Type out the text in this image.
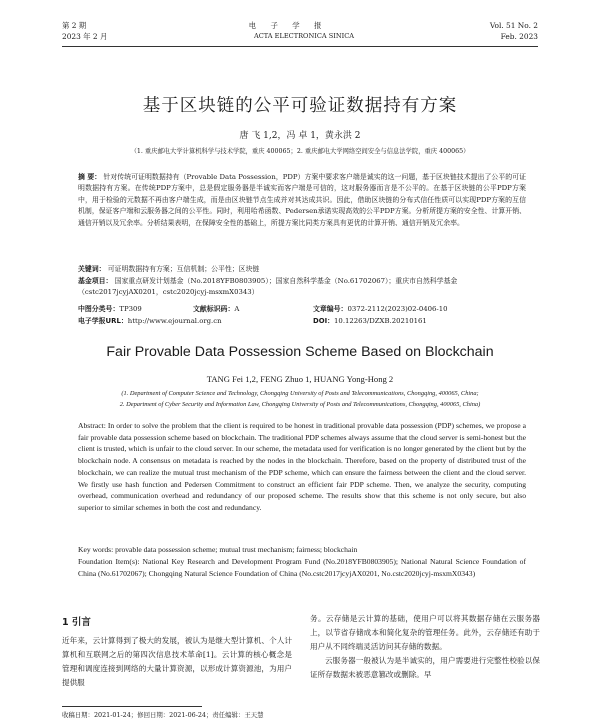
第 2 期	电 子 学 报	Vol. 51 No. 2
2023 年 2 月	ACTA ELECTRONICA SINICA	Feb. 2023
基于区块链的公平可验证数据持有方案
唐 飞 1,2，冯 卓 1，黄永洪 2
（1. 重庆邮电大学计算机科学与技术学院，重庆 400065；2. 重庆邮电大学网络空间安全与信息法学院，重庆 400065）
摘 要： 针对传统可证明数据持有（Provable Data Possession，PDP）方案中要求客户端是诚实的这一问题，基于区块链技术提出了公平的可证明数据持有方案。在传统PDP方案中，总是假定服务器是半诚实而客户端是可信的，这对服务器而言是不公平的。在基于区块链的公平PDP方案中，用于检验的元数据不再由客户端生成，而是由区块链节点生成并对其达成共识。因此，借助区块链的分布式信任性质可以实现PDP方案的互信机制，保证客户端和云服务器之间的公平性。同时，利用哈希函数、Pedersen承诺实现高效的公平PDP方案。分析所提方案的安全性、计算开销、通信开销以及冗余率。分析结果表明，在保障安全性的基础上，所提方案比同类方案具有更优的计算开销、通信开销及冗余率。
关键词： 可证明数据持有方案；互信机制；公平性；区块链
基金项目： 国家重点研发计划基金（No.2018YFB0803905）；国家自然科学基金（No.61702067）；重庆市自然科学基金（cstc2017jcyjAX0201，cstc2020jcyj-msxmX0343）
中图分类号：TP309	文献标识码：A	文章编号：0372-2112(2023)02-0406-10
电子学报URL：http://www.ejournal.org.cn	DOI：10.12263/DZXB.20210161
Fair Provable Data Possession Scheme Based on Blockchain
TANG Fei 1,2, FENG Zhuo 1, HUANG Yong-Hong 2
(1. Department of Computer Science and Technology, Chongqing University of Posts and Telecommunications, Chongqing, 400065, China;
2. Department of Cyber Security and Information Law, Chongqing University of Posts and Telecommunications, Chongqing, 400065, China)
Abstract: In order to solve the problem that the client is required to be honest in traditional provable data possession (PDP) schemes, we propose a fair provable data possession scheme based on blockchain. The traditional PDP schemes always assume that the cloud server is semi-honest but the client is trusted, which is unfair to the cloud server. In our scheme, the metadata used for verification is no longer generated by the client but by the blockchain node. A consensus on metadata is reached by the nodes in the blockchain. Therefore, based on the property of distributed trust of the blockchain, we can realize the mutual trust mechanism of the PDP scheme, which can ensure the fairness between the client and the cloud server. We firstly use hash function and Pedersen Commitment to construct an efficient fair PDP scheme. Then, we analyze the security, computing overhead, communication overhead and redundancy of our proposed scheme. The results show that this scheme is not only secure, but also superior to similar schemes in both the cost and redundancy.
Key words: provable data possession scheme; mutual trust mechanism; fairness; blockchain
Foundation Item(s): National Key Research and Development Program Fund (No.2018YFB0803905); National Natural Science Foundation of China (No.61702067); Chongqing Natural Science Foundation of China (No.cstc2017jcyjAX0201, No.cstc2020jcyj-msxmX0343)
1 引言
近年来，云计算得到了极大的发展，被认为是继大型计算机、个人计算机和互联网之后的第四次信息技术革命[1]。云计算的核心概念是管理和调度连接到网络的大量计算资源，以形成计算资源池，为用户提供服
务。云存储是云计算的基础，使用户可以将其数据存储在云服务器上，以节省存储成本和简化复杂的管理任务。此外，云存储还有助于用户从不同终端灵活访问其存储的数据。
云服务器一般被认为是半诚实的，用户需要进行完整性校验以保证所存数据未被恶意篡改或删除。早
收稿日期：2021-01-24；修回日期：2021-06-24；责任编辑：王天慧
